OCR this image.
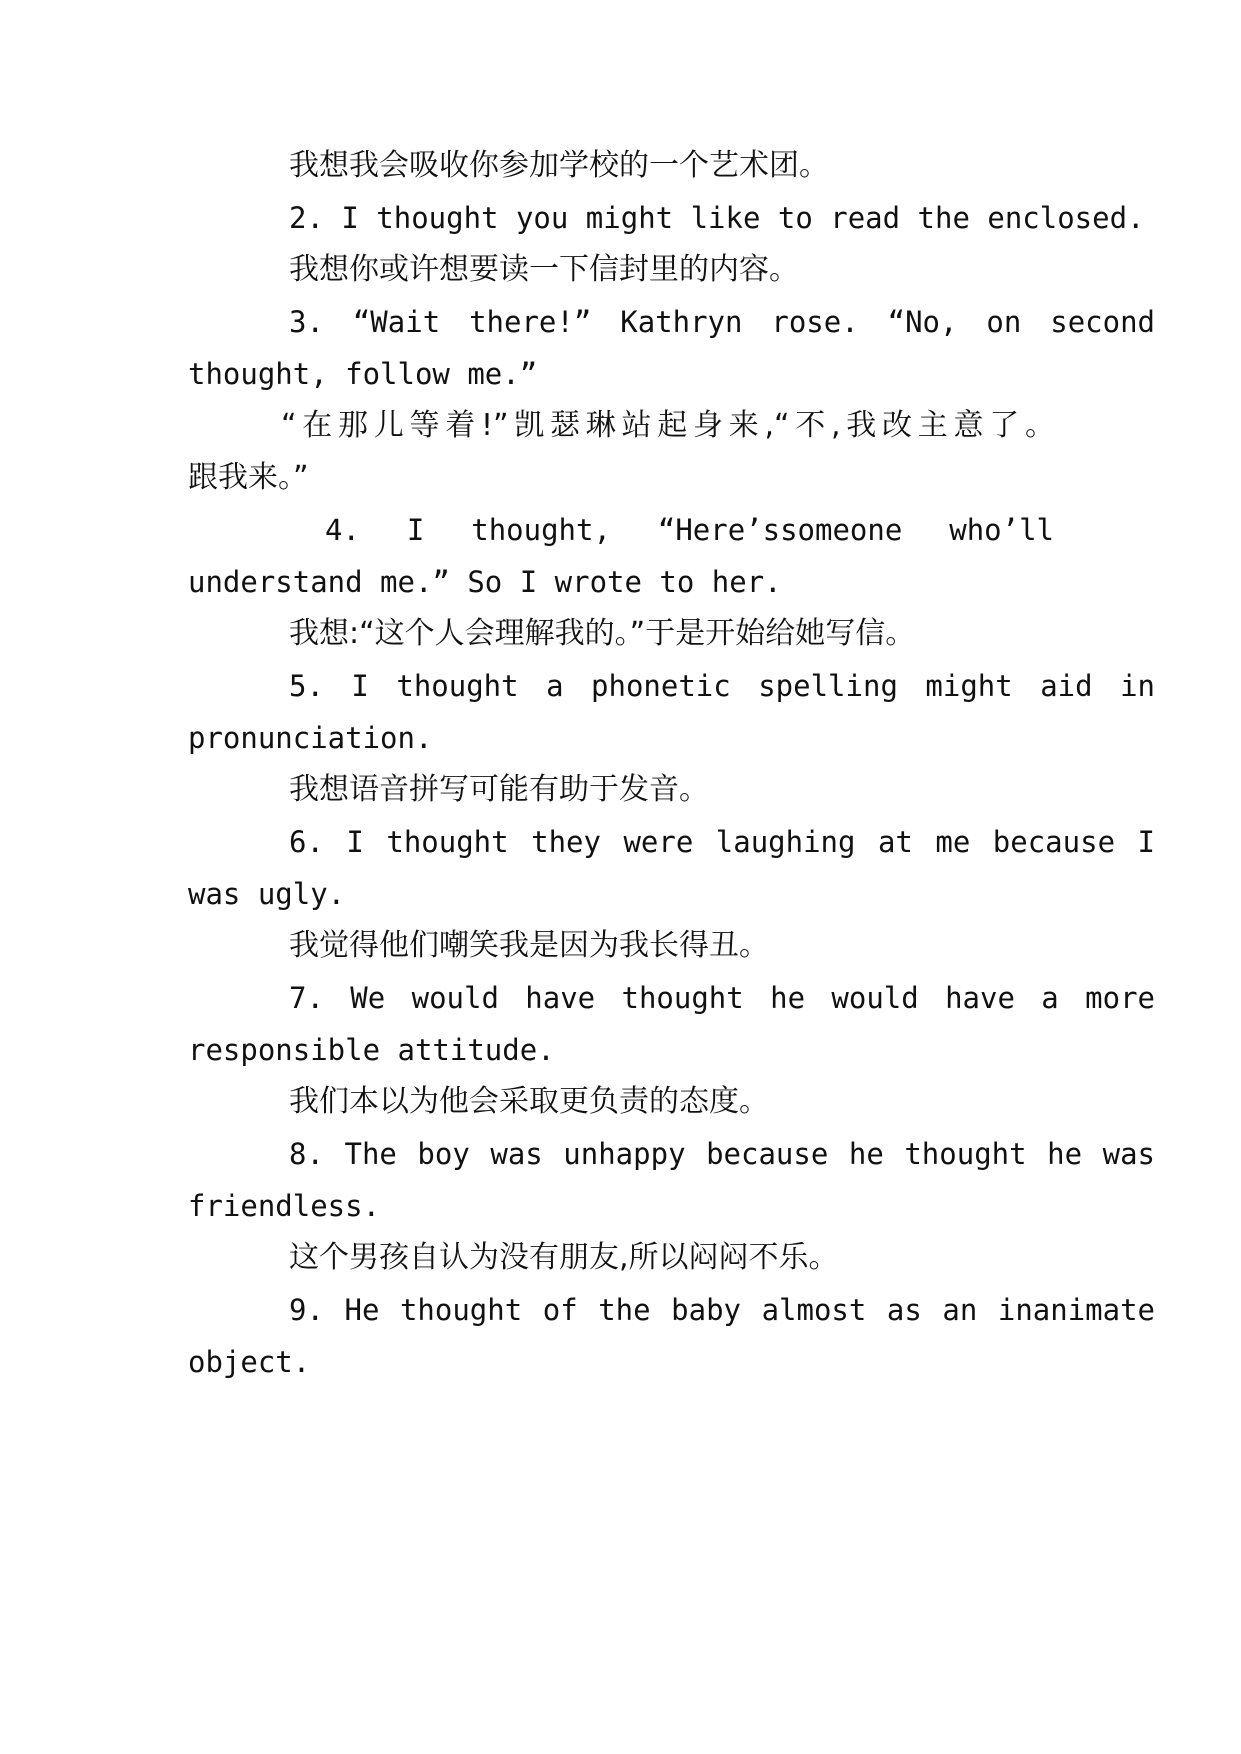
我想我会吸收你参加学校的一个艺术团。
2. I thought you might like to read the enclosed.
我想你或许想要读一下信封里的内容。
3. “Wait there!” Kathryn rose. “No, on second
thought, follow me.”
“在那儿等着!”凯瑟琳站起身来,“不,我改主意了。
跟我来。”
4. I thought, “Here’ssomeone who’ll
understand me.” So I wrote to her.
我想:“这个人会理解我的。”于是开始给她写信。
5. I thought a phonetic spelling might aid in
pronunciation.
我想语音拼写可能有助于发音。
6. I thought they were laughing at me because I
was ugly.
我觉得他们嘲笑我是因为我长得丑。
7. We would have thought he would have a more
responsible attitude.
我们本以为他会采取更负责的态度。
8. The boy was unhappy because he thought he was
friendless.
这个男孩自认为没有朋友,所以闷闷不乐。
9. He thought of the baby almost as an inanimate
object.
